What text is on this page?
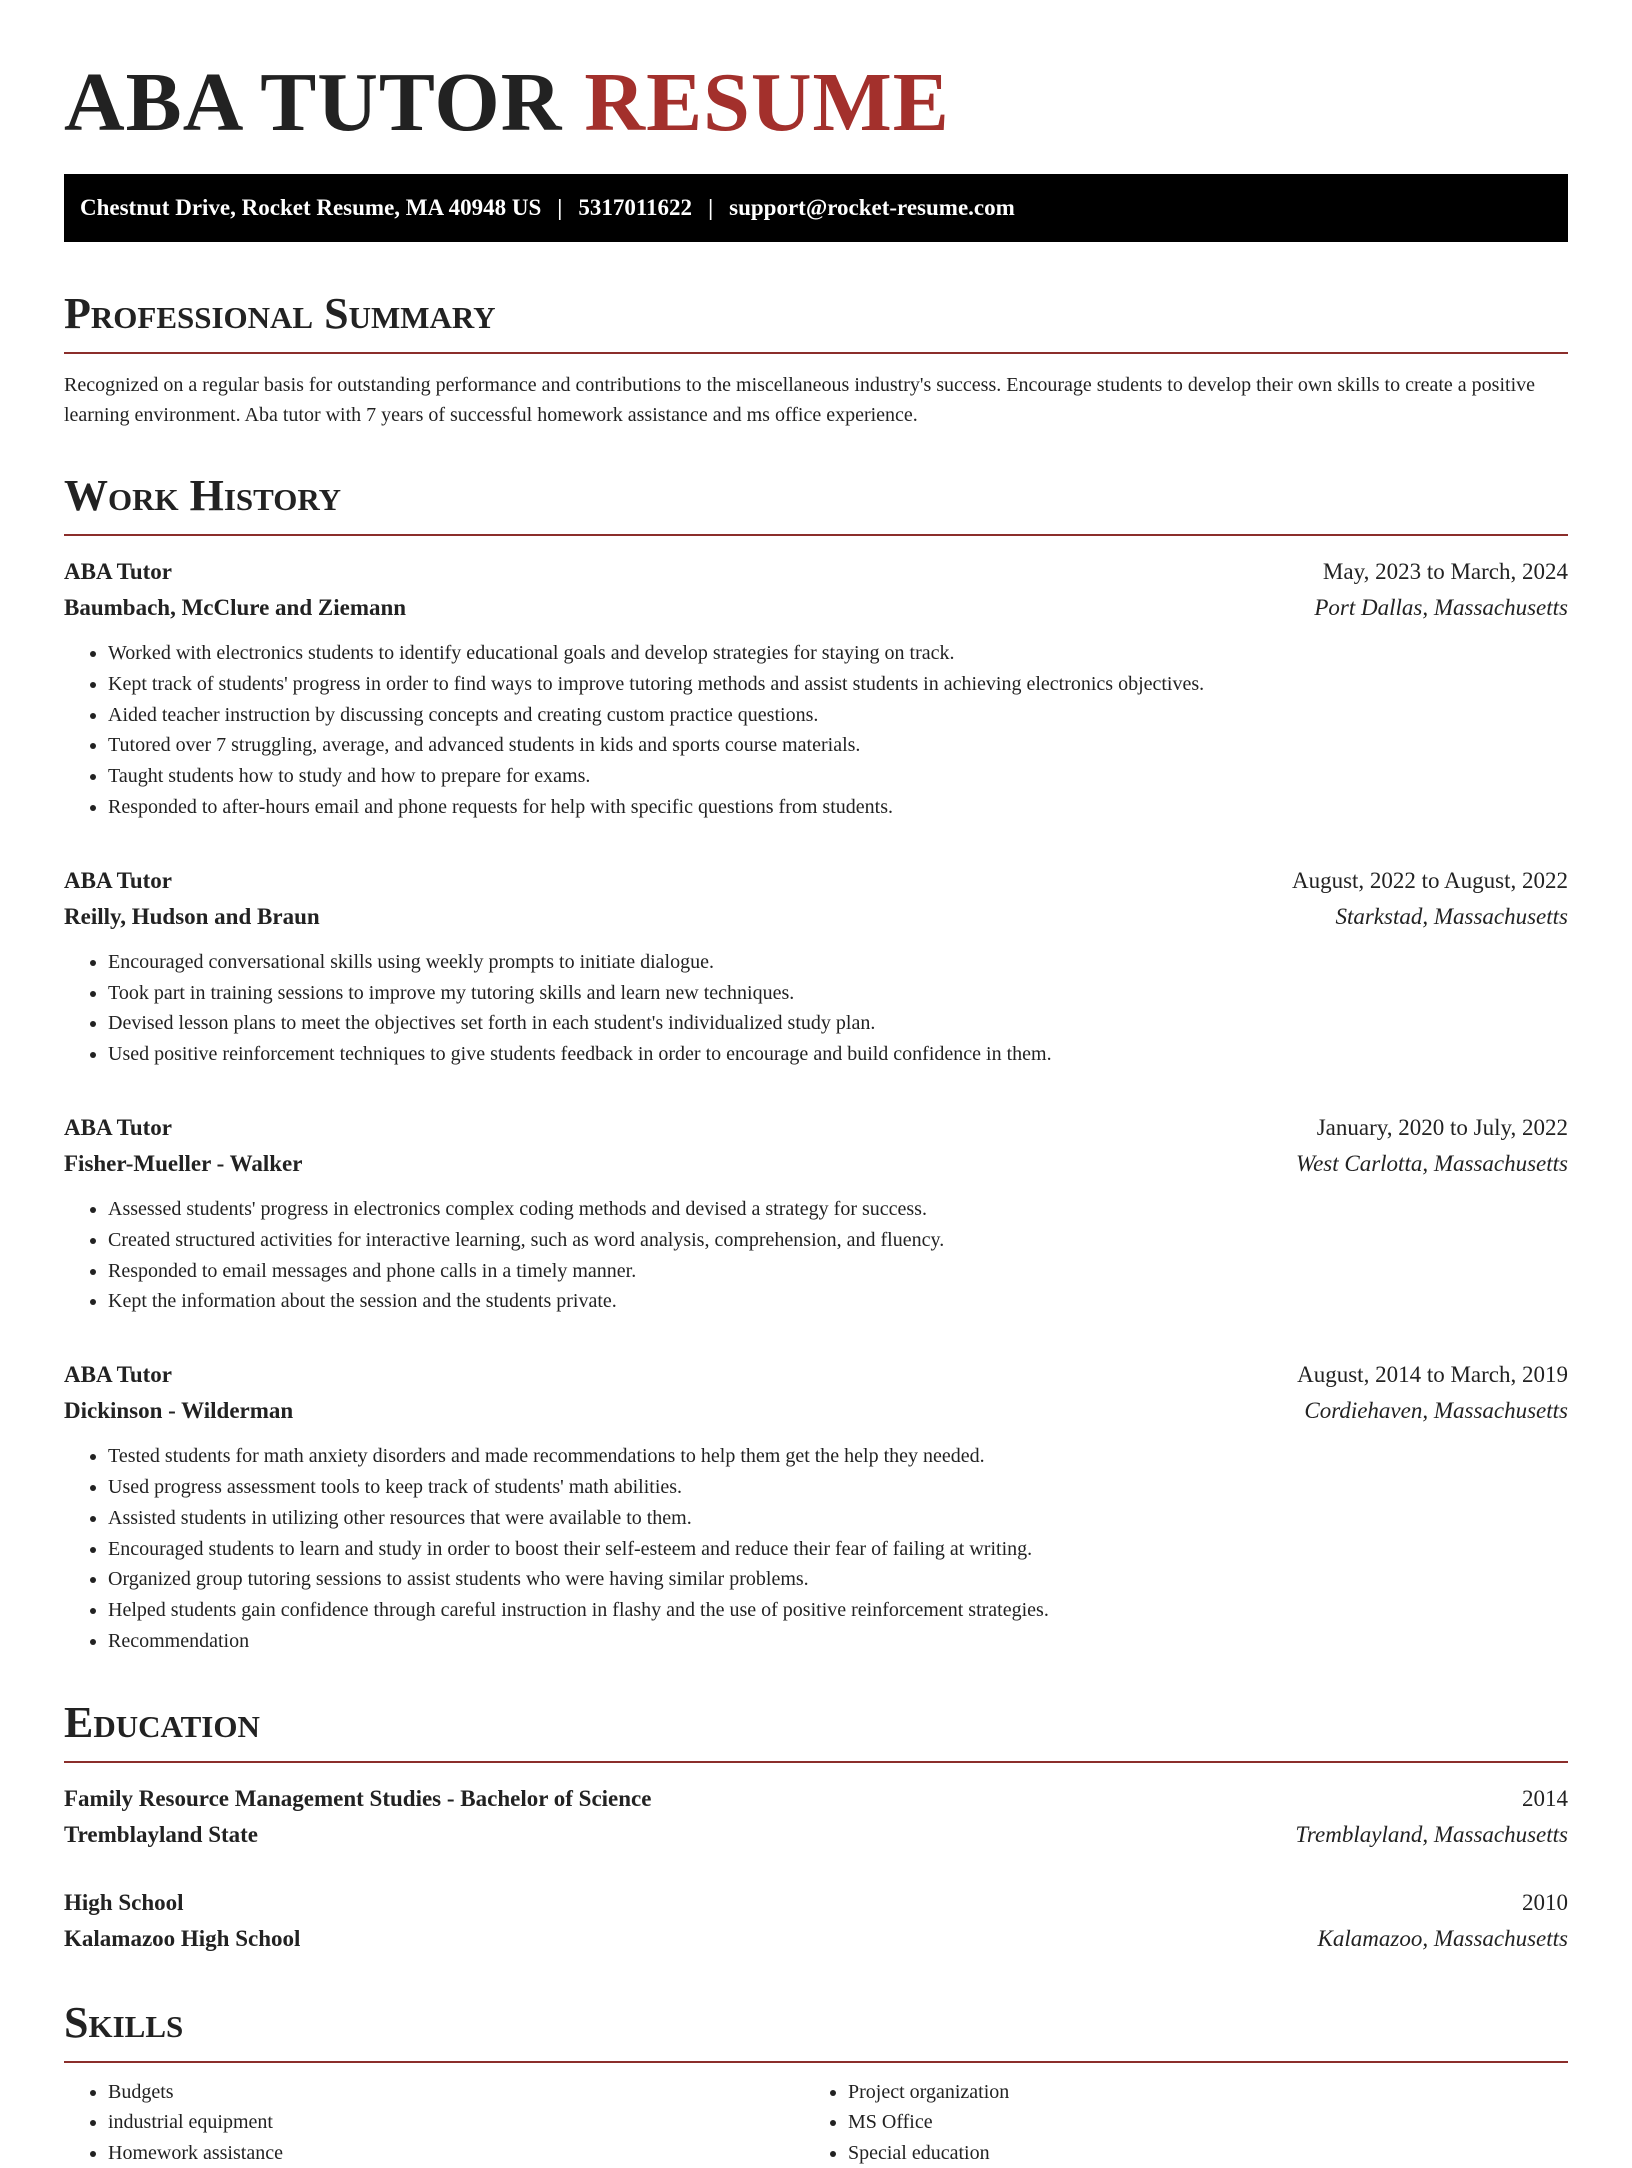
ABA TUTOR RESUME
Chestnut Drive, Rocket Resume, MA 40948 US | 5317011622 | support@rocket-resume.com
Professional Summary

Recognized on a regular basis for outstanding performance and contributions to the miscellaneous industry's success. Encourage students to develop their own skills to create a positive learning environment. Aba tutor with 7 years of successful homework assistance and ms office experience.

Work History
ABA Tutor	May, 2023 to March, 2024
Baumbach, McClure and Ziemann	Port Dallas, Massachusetts
• Worked with electronics students to identify educational goals and develop strategies for staying on track.
• Kept track of students' progress in order to find ways to improve tutoring methods and assist students in achieving electronics objectives.
• Aided teacher instruction by discussing concepts and creating custom practice questions.
• Tutored over 7 struggling, average, and advanced students in kids and sports course materials.
• Taught students how to study and how to prepare for exams.
• Responded to after-hours email and phone requests for help with specific questions from students.
ABA Tutor	August, 2022 to August, 2022
Reilly, Hudson and Braun	Starkstad, Massachusetts
• Encouraged conversational skills using weekly prompts to initiate dialogue.
• Took part in training sessions to improve my tutoring skills and learn new techniques.
• Devised lesson plans to meet the objectives set forth in each student's individualized study plan.
• Used positive reinforcement techniques to give students feedback in order to encourage and build confidence in them.
ABA Tutor	January, 2020 to July, 2022
Fisher-Mueller - Walker	West Carlotta, Massachusetts
• Assessed students' progress in electronics complex coding methods and devised a strategy for success.
• Created structured activities for interactive learning, such as word analysis, comprehension, and fluency.
• Responded to email messages and phone calls in a timely manner.
• Kept the information about the session and the students private.
ABA Tutor	August, 2014 to March, 2019
Dickinson - Wilderman	Cordiehaven, Massachusetts
• Tested students for math anxiety disorders and made recommendations to help them get the help they needed.
• Used progress assessment tools to keep track of students' math abilities.
• Assisted students in utilizing other resources that were available to them.
• Encouraged students to learn and study in order to boost their self-esteem and reduce their fear of failing at writing.
• Organized group tutoring sessions to assist students who were having similar problems.
• Helped students gain confidence through careful instruction in flashy and the use of positive reinforcement strategies.
• Recommendation
Education
Family Resource Management Studies - Bachelor of Science	2014
Tremblayland State	Tremblayland, Massachusetts
High School	2010
Kalamazoo High School	Kalamazoo, Massachusetts
Skills
• Budgets
• industrial equipment
• Homework assistance
• Project organization
• MS Office
• Special education
